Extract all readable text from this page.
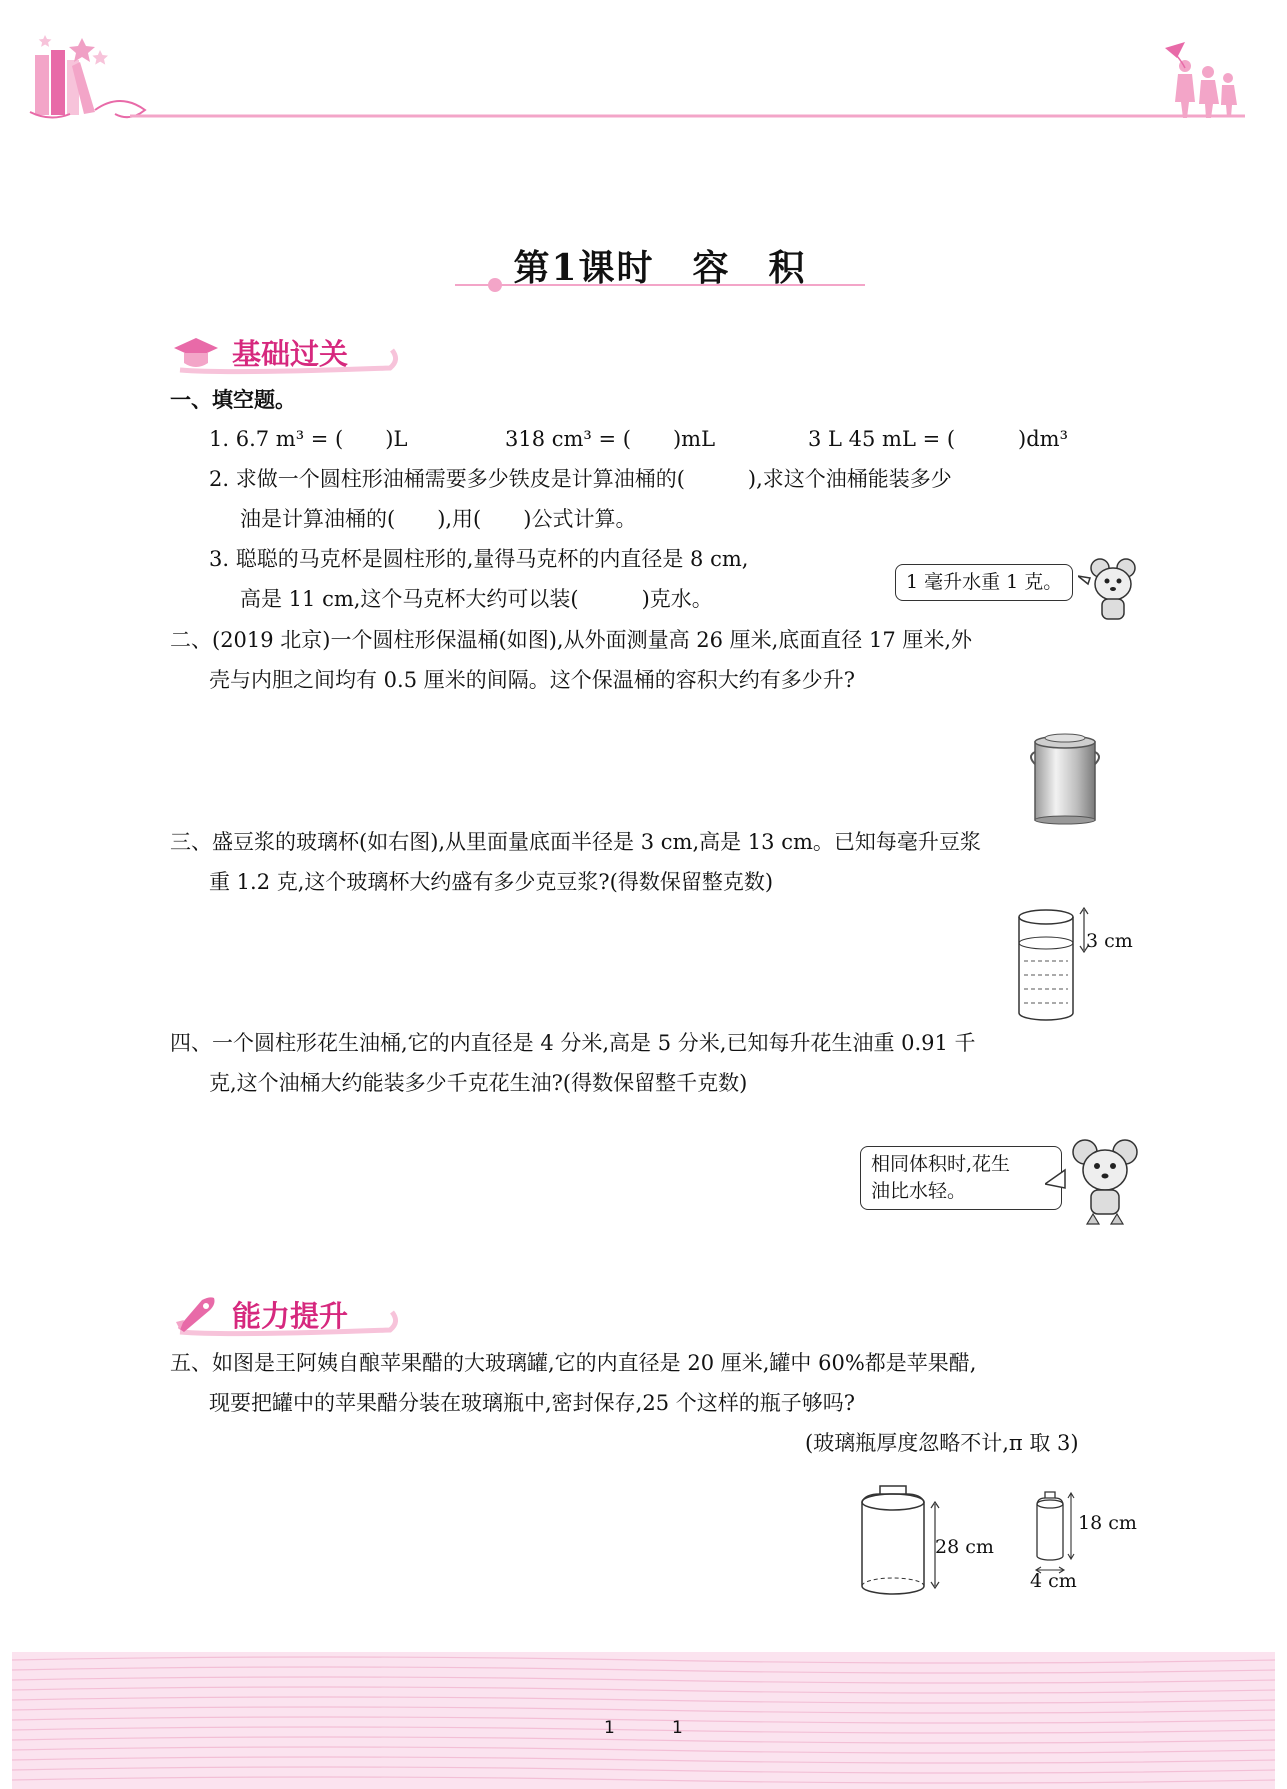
第1课时　容　积
基础过关
一、填空题。
1. 6.7 m³ = (　　)L	318 cm³ = (　　)mL	3 L 45 mL = (　　　)dm³
2. 求做一个圆柱形油桶需要多少铁皮是计算油桶的(　　　),求这个油桶能装多少
油是计算油桶的(　　),用(　　)公式计算。
3. 聪聪的马克杯是圆柱形的,量得马克杯的内直径是 8 cm,
高是 11 cm,这个马克杯大约可以装(　　　)克水。
1 毫升水重 1 克。
二、(2019 北京)一个圆柱形保温桶(如图),从外面测量高 26 厘米,底面直径 17 厘米,外
壳与内胆之间均有 0.5 厘米的间隔。这个保温桶的容积大约有多少升?
三、盛豆浆的玻璃杯(如右图),从里面量底面半径是 3 cm,高是 13 cm。已知每毫升豆浆
重 1.2 克,这个玻璃杯大约盛有多少克豆浆?(得数保留整克数)
3 cm
四、一个圆柱形花生油桶,它的内直径是 4 分米,高是 5 分米,已知每升花生油重 0.91 千
克,这个油桶大约能装多少千克花生油?(得数保留整千克数)
相同体积时,花生
油比水轻。
能力提升
五、如图是王阿姨自酿苹果醋的大玻璃罐,它的内直径是 20 厘米,罐中 60%都是苹果醋,
现要把罐中的苹果醋分装在玻璃瓶中,密封保存,25 个这样的瓶子够吗?
(玻璃瓶厚度忽略不计,π 取 3)
28 cm
18 cm
4 cm
1	1
